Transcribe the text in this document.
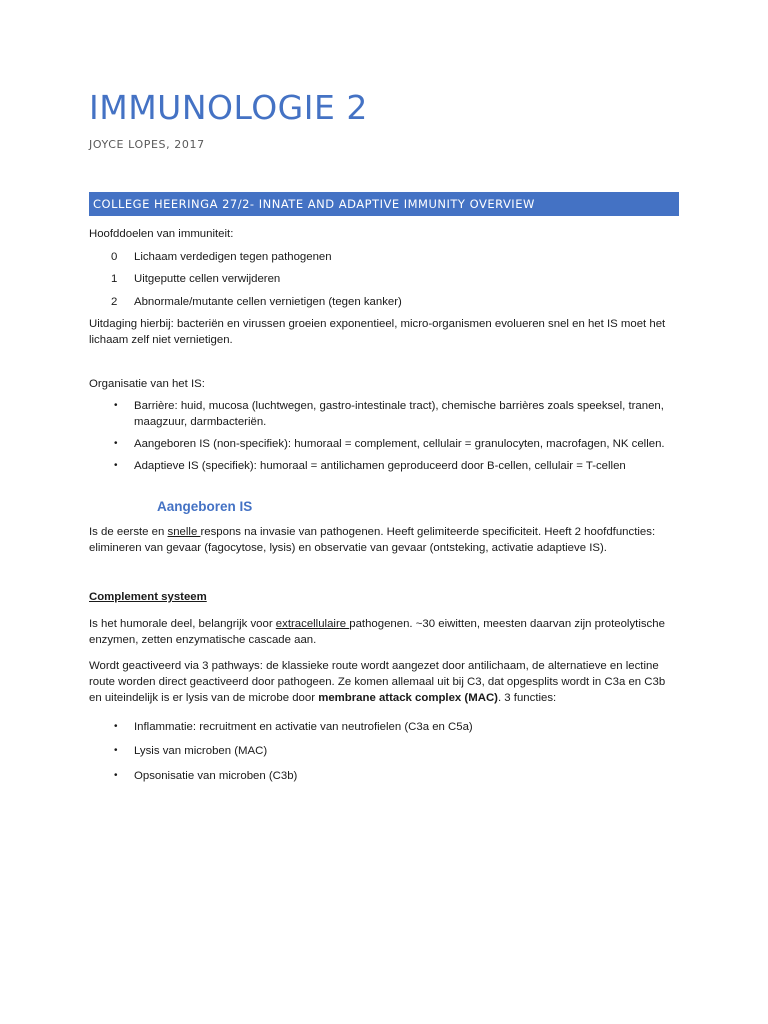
IMMUNOLOGIE 2
JOYCE LOPES, 2017
COLLEGE HEERINGA 27/2- INNATE AND ADAPTIVE IMMUNITY OVERVIEW
Hoofddoelen van immuniteit:
0 Lichaam verdedigen tegen pathogenen
1 Uitgeputte cellen verwijderen
2 Abnormale/mutante cellen vernietigen (tegen kanker)
Uitdaging hierbij: bacteriën en virussen groeien exponentieel, micro-organismen evolueren snel en het IS moet het lichaam zelf niet vernietigen.
Organisatie van het IS:
• Barrière: huid, mucosa (luchtwegen, gastro-intestinale tract), chemische barrières zoals speeksel, tranen, maagzuur, darmbacteriën.
• Aangeboren IS (non-specifiek): humoraal = complement, cellulair = granulocyten, macrofagen, NK cellen.
• Adaptieve IS (specifiek): humoraal = antilichamen geproduceerd door B-cellen, cellulair = T-cellen
Aangeboren IS
Is de eerste en snelle respons na invasie van pathogenen. Heeft gelimiteerde specificiteit. Heeft 2 hoofdfuncties: elimineren van gevaar (fagocytose, lysis) en observatie van gevaar (ontsteking, activatie adaptieve IS).
Complement systeem
Is het humorale deel, belangrijk voor extracellulaire pathogenen. ~30 eiwitten, meesten daarvan zijn proteolytische enzymen, zetten enzymatische cascade aan.
Wordt geactiveerd via 3 pathways: de klassieke route wordt aangezet door antilichaam, de alternatieve en lectine route worden direct geactiveerd door pathogeen. Ze komen allemaal uit bij C3, dat opgesplits wordt in C3a en C3b en uiteindelijk is er lysis van de microbe door membrane attack complex (MAC). 3 functies:
• Inflammatie: recruitment en activatie van neutrofielen (C3a en C5a)
• Lysis van microben (MAC)
• Opsonisatie van microben (C3b)
